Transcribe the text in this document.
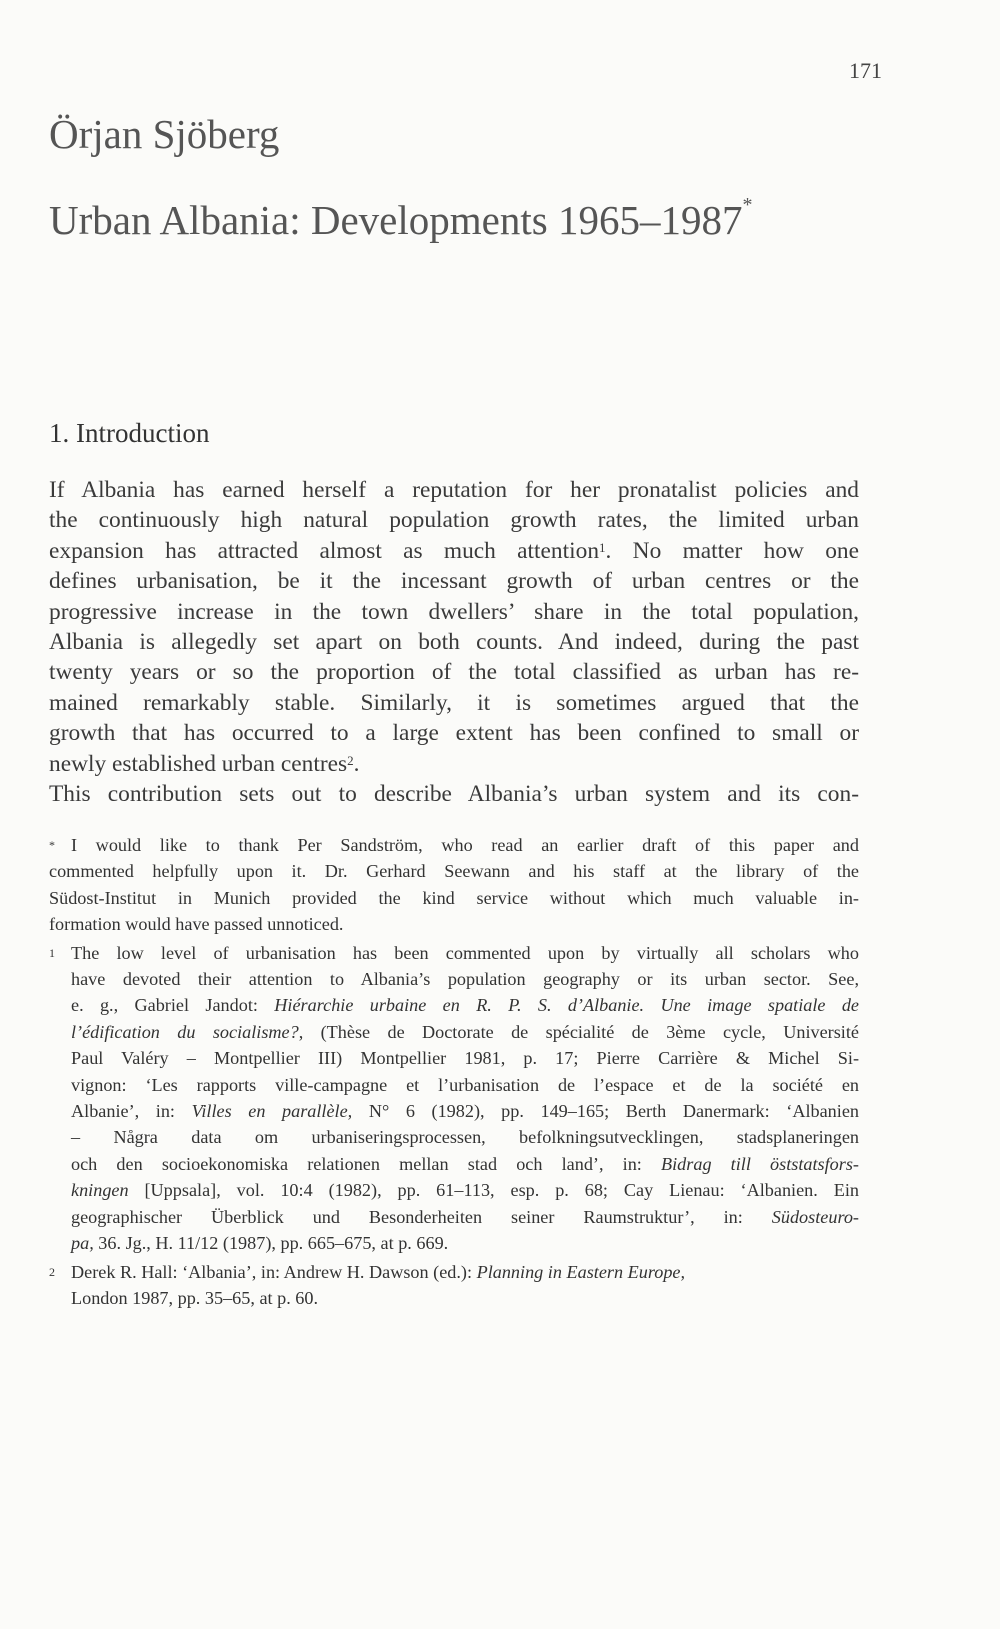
171
Örjan Sjöberg
Urban Albania: Developments 1965–1987*
1. Introduction
If Albania has earned herself a reputation for her pronatalist policies and
the continuously high natural population growth rates, the limited urban
expansion has attracted almost as much attention$^1$. No matter how one
defines urbanisation, be it the incessant growth of urban centres or the
progressive increase in the town dwellers’ share in the total population,
Albania is allegedly set apart on both counts. And indeed, during the past
twenty years or so the proportion of the total classified as urban has re-
mained remarkably stable. Similarly, it is sometimes argued that the
growth that has occurred to a large extent has been confined to small or
newly established urban centres$^2$.
This contribution sets out to describe Albania’s urban system and its con-
* I would like to thank Per Sandström, who read an earlier draft of this paper and
commented helpfully upon it. Dr. Gerhard Seewann and his staff at the library of the
Südost-Institut in Munich provided the kind service without which much valuable in-
formation would have passed unnoticed.
1 The low level of urbanisation has been commented upon by virtually all scholars who
have devoted their attention to Albania’s population geography or its urban sector. See,
e. g., Gabriel Jandot: Hiérarchie urbaine en R. P. S. d’Albanie. Une image spatiale de
l’édification du socialisme?, (Thèse de Doctorate de spécialité de 3ème cycle, Université
Paul Valéry – Montpellier III) Montpellier 1981, p. 17; Pierre Carrière & Michel Si-
vignon: ‘Les rapports ville-campagne et l’urbanisation de l’espace et de la société en
Albanie’, in: Villes en parallèle, N° 6 (1982), pp. 149–165; Berth Danermark: ‘Albanien
– Några data om urbaniseringsprocessen, befolkningsutvecklingen, stadsplaneringen
och den socioekonomiska relationen mellan stad och land’, in: Bidrag till öststatsfors-
kningen [Uppsala], vol. 10:4 (1982), pp. 61–113, esp. p. 68; Cay Lienau: ‘Albanien. Ein
geographischer Überblick und Besonderheiten seiner Raumstruktur’, in: Südosteuro-
pa, 36. Jg., H. 11/12 (1987), pp. 665–675, at p. 669.
2 Derek R. Hall: ‘Albania’, in: Andrew H. Dawson (ed.): Planning in Eastern Europe,
London 1987, pp. 35–65, at p. 60.
